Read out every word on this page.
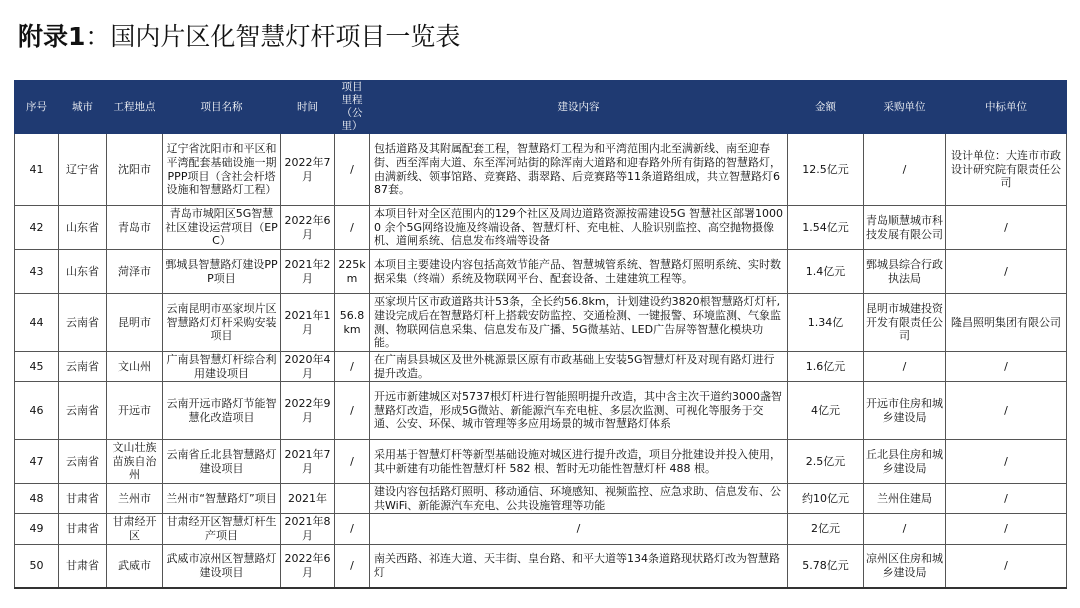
附录1：国内片区化智慧灯杆项目一览表
序号	城市	工程地点	项目名称	时间	项目里程（公里）	建设内容	金额	采购单位	中标单位
41	辽宁省	沈阳市	辽宁省沈阳市和平区和平湾配套基础设施一期PPP项目（含社会杆塔设施和智慧路灯工程）	2022年7月	/	包括道路及其附属配套工程，智慧路灯工程为和平湾范围内北至满新线、南至迎春街、西至浑南大道、东至浑河站街的除浑南大道路和迎春路外所有街路的智慧路灯，由满新线、领事馆路、竞赛路、翡翠路、后竞赛路等11条道路组成，共立智慧路灯687套。	12.5亿元	/	设计单位：大连市市政设计研究院有限责任公司
42	山东省	青岛市	青岛市城阳区5G智慧社区建设运营项目（EPC）	2022年6月	/	本项目针对全区范围内的129个社区及周边道路资源按需建设5G 智慧社区部署10000 余个5G网络设施及终端设备、智慧灯杆、充电桩、人脸识别监控、高空抛物摄像机、道闸系统、信息发布终端等设备	1.54亿元	青岛顺慧城市科技发展有限公司	/
43	山东省	菏泽市	鄄城县智慧路灯建设PPP项目	2021年2月	225km	本项目主要建设内容包括高效节能产品、智慧城管系统、智慧路灯照明系统、实时数据采集（终端）系统及物联网平台、配套设备、土建建筑工程等。	1.4亿元	鄄城县综合行政执法局	/
44	云南省	昆明市	云南昆明市巫家坝片区智慧路灯灯杆采购安装项目	2021年1月	56.8km	巫家坝片区市政道路共计53条，全长约56.8km，计划建设约3820根智慧路灯灯杆,建设完成后在智慧路灯杆上搭载安防监控、交通检测、一键报警、环境监测、气象监测、物联网信息采集、信息发布及广播、5G微基站、LED广告屏等智慧化模块功能。	1.34亿	昆明市城建投资开发有限责任公司	隆昌照明集团有限公司
45	云南省	文山州	广南县智慧灯杆综合利用建设项目	2020年4月	/	在广南县县城区及世外桃源景区原有市政基础上安装5G智慧灯杆及对现有路灯进行提升改造。	1.6亿元	/	/
46	云南省	开远市	云南开远市路灯节能智慧化改造项目	2022年9月	/	开远市新建城区对5737根灯杆进行智能照明提升改造，其中含主次干道约3000盏智慧路灯改造，形成5G微站、新能源汽车充电桩、多层次监测、可视化等服务于交通、公安、环保、城市管理等多应用场景的城市智慧路灯体系	4亿元	开远市住房和城乡建设局	/
47	云南省	文山壮族苗族自治州	云南省丘北县智慧路灯建设项目	2021年7月	/	采用基于智慧灯杆等新型基础设施对城区进行提升改造，项目分批建设并投入使用，其中新建有功能性智慧灯杆 582 根、暂时无功能性智慧灯杆 488 根。	2.5亿元	丘北县住房和城乡建设局	/
48	甘肃省	兰州市	兰州市“智慧路灯”项目	2021年		建设内容包括路灯照明、移动通信、环境感知、视频监控、应急求助、信息发布、公共WiFi、新能源汽车充电、公共设施管理等功能	约10亿元	兰州住建局	/
49	甘肃省	甘肃经开区	甘肃经开区智慧灯杆生产项目	2021年8月	/	/	2亿元	/	/
50	甘肃省	武威市	武威市凉州区智慧路灯建设项目	2022年6月	/	南关西路、祁连大道、天丰街、皇台路、和平大道等134条道路现状路灯改为智慧路灯	5.78亿元	凉州区住房和城乡建设局	/
